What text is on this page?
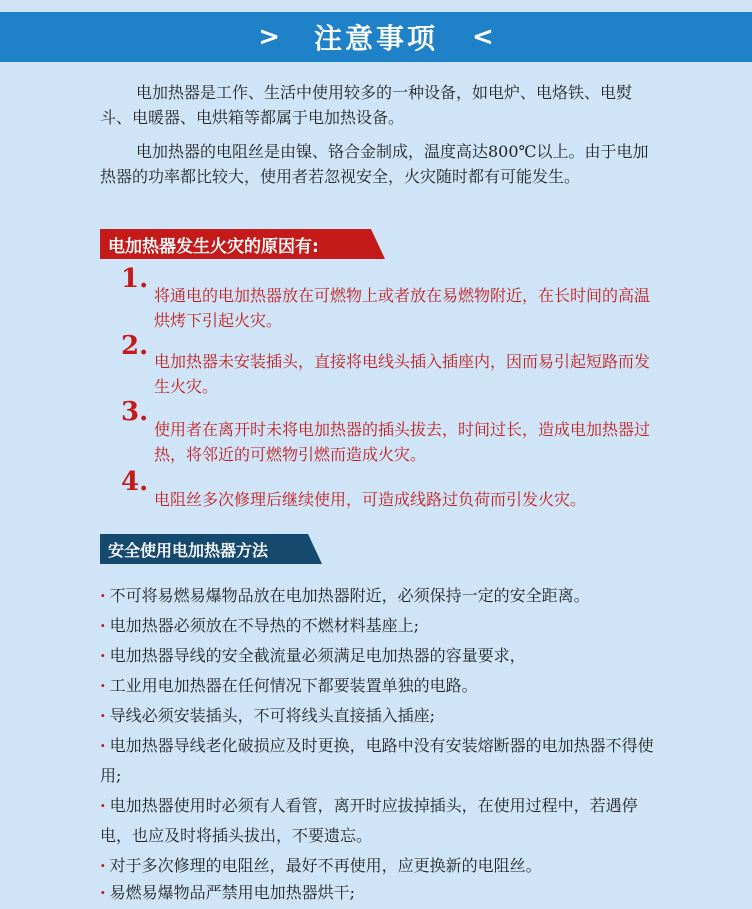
> 注意事项 <
电加热器是工作、生活中使用较多的一种设备，如电炉、电烙铁、电熨斗、电暖器、电烘箱等都属于电加热设备。
电加热器的电阻丝是由镍、铬合金制成，温度高达800℃以上。由于电加热器的功率都比较大，使用者若忽视安全，火灾随时都有可能发生。
电加热器发生火灾的原因有:
1.
将通电的电加热器放在可燃物上或者放在易燃物附近，在长时间的高温烘烤下引起火灾。
2.
电加热器未安装插头，直接将电线头插入插座内，因而易引起短路而发生火灾。
3.
使用者在离开时未将电加热器的插头拔去，时间过长，造成电加热器过热，将邻近的可燃物引燃而造成火灾。
4.
电阻丝多次修理后继续使用，可造成线路过负荷而引发火灾。
安全使用电加热器方法
· 不可将易燃易爆物品放在电加热器附近，必须保持一定的安全距离。
· 电加热器必须放在不导热的不燃材料基座上;
· 电加热器导线的安全截流量必须满足电加热器的容量要求，
· 工业用电加热器在任何情况下都要装置单独的电路。
· 导线必须安装插头，不可将线头直接插入插座;
· 电加热器导线老化破损应及时更换，电路中没有安装熔断器的电加热器不得使用;
· 电加热器使用时必须有人看管，离开时应拔掉插头，在使用过程中，若遇停电，也应及时将插头拔出，不要遗忘。
· 对于多次修理的电阻丝，最好不再使用，应更换新的电阻丝。
· 易燃易爆物品严禁用电加热器烘干;
